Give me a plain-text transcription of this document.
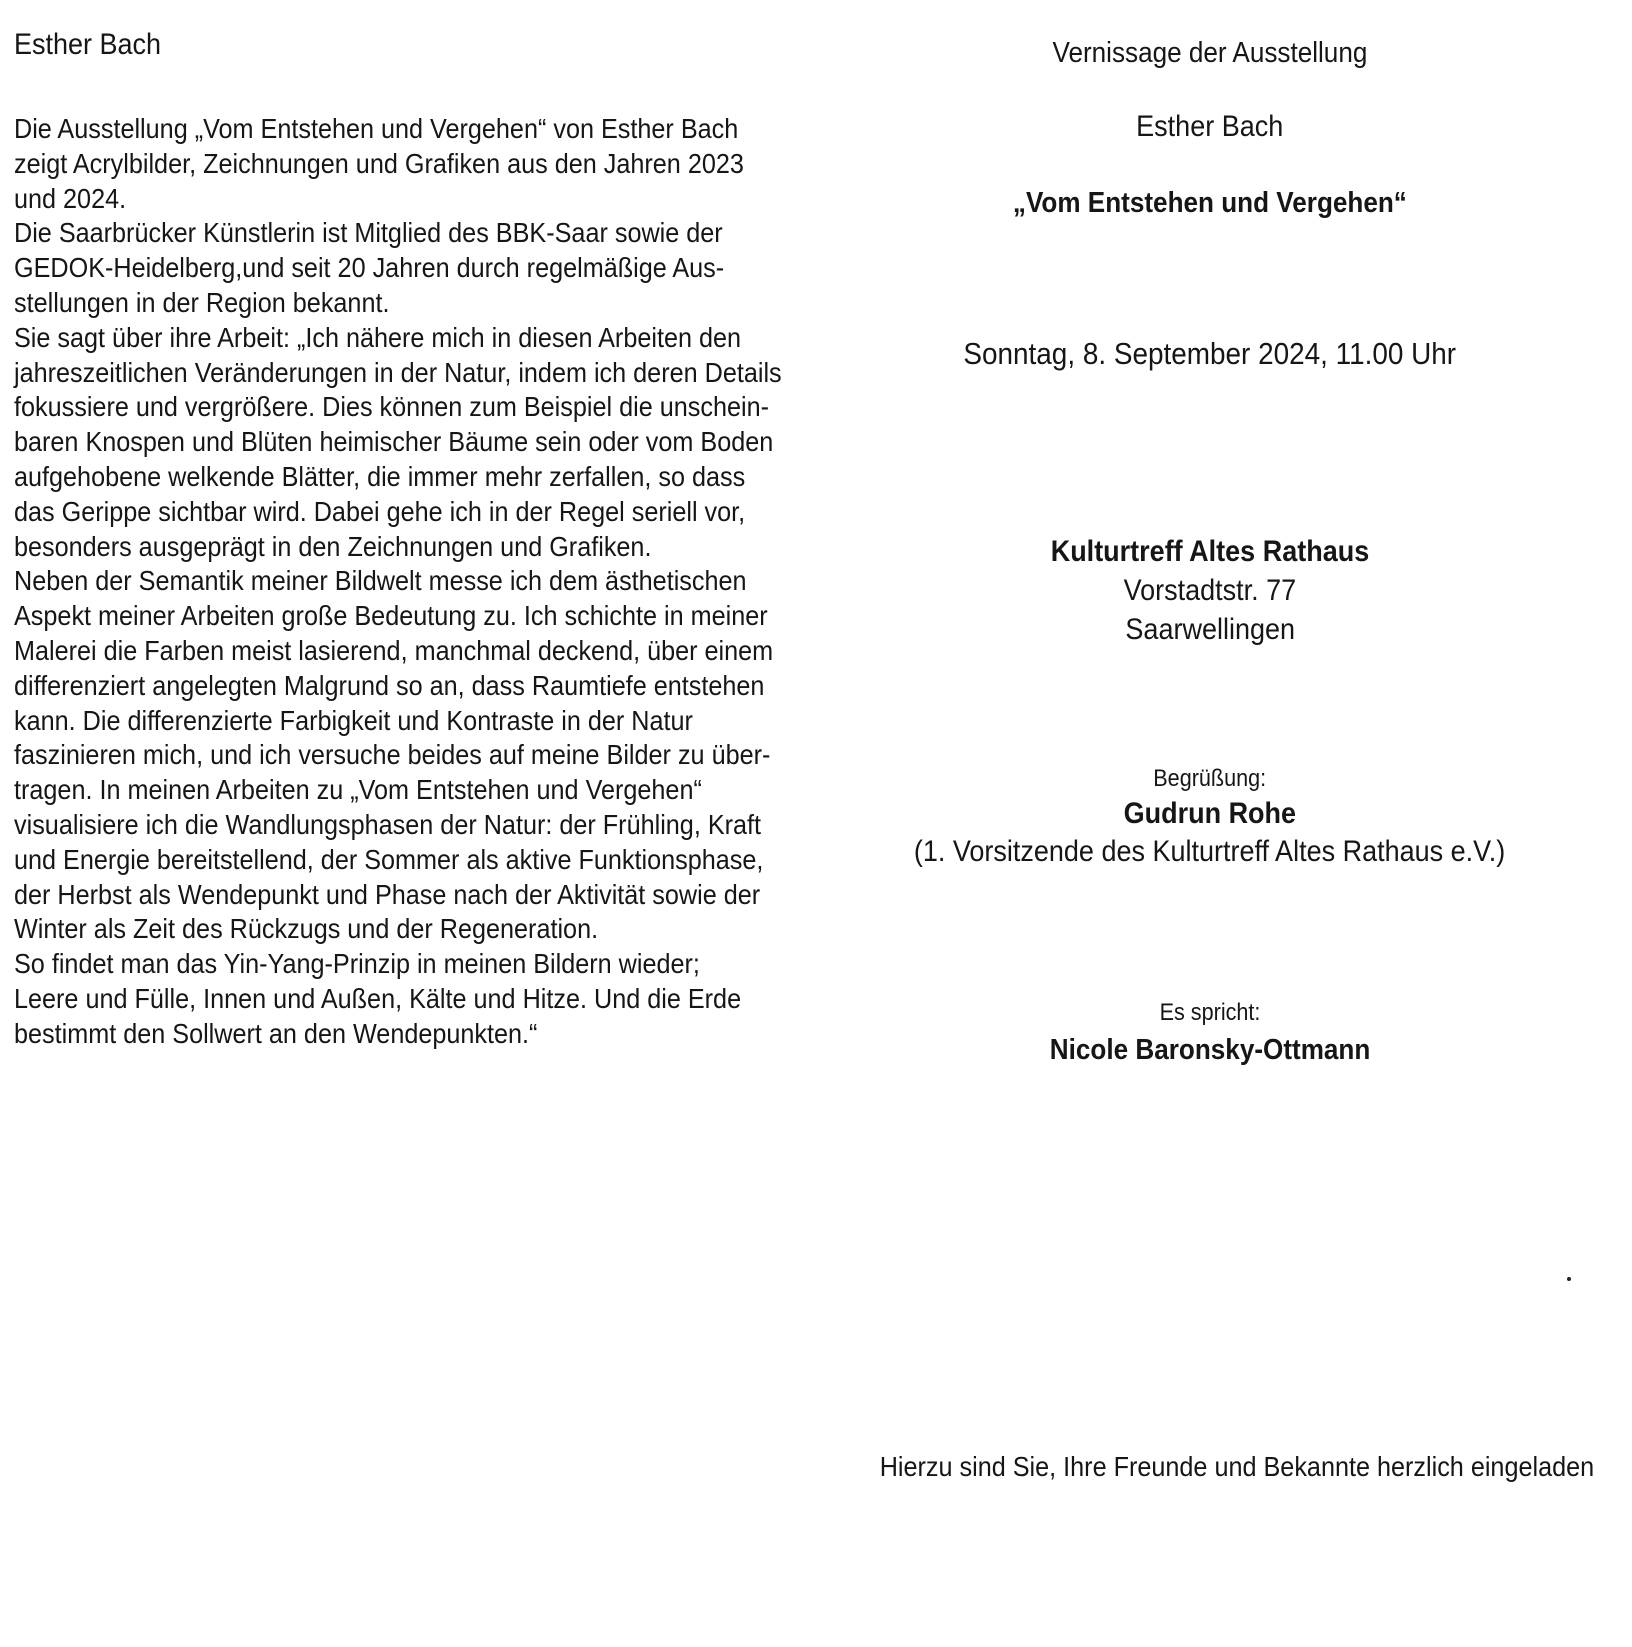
Esther Bach
Die Ausstellung „Vom Entstehen und Vergehen“ von Esther Bach
zeigt Acrylbilder, Zeichnungen und Grafiken aus den Jahren 2023
und 2024.
Die Saarbrücker Künstlerin ist Mitglied des BBK-Saar sowie der
GEDOK-Heidelberg,und seit 20 Jahren durch regelmäßige Aus-
stellungen in der Region bekannt.
Sie sagt über ihre Arbeit: „Ich nähere mich in diesen Arbeiten den
jahreszeitlichen Veränderungen in der Natur, indem ich deren Details
fokussiere und vergrößere. Dies können zum Beispiel die unschein-
baren Knospen und Blüten heimischer Bäume sein oder vom Boden
aufgehobene welkende Blätter, die immer mehr zerfallen, so dass
das Gerippe sichtbar wird. Dabei gehe ich in der Regel seriell vor,
besonders ausgeprägt in den Zeichnungen und Grafiken.
Neben der Semantik meiner Bildwelt messe ich dem ästhetischen
Aspekt meiner Arbeiten große Bedeutung zu. Ich schichte in meiner
Malerei die Farben meist lasierend, manchmal deckend, über einem
differenziert angelegten Malgrund so an, dass Raumtiefe entstehen
kann. Die differenzierte Farbigkeit und Kontraste in der Natur
faszinieren mich, und ich versuche beides auf meine Bilder zu über-
tragen. In meinen Arbeiten zu „Vom Entstehen und Vergehen“
visualisiere ich die Wandlungsphasen der Natur: der Frühling, Kraft
und Energie bereitstellend, der Sommer als aktive Funktionsphase,
der Herbst als Wendepunkt und Phase nach der Aktivität sowie der
Winter als Zeit des Rückzugs und der Regeneration.
So findet man das Yin-Yang-Prinzip in meinen Bildern wieder;
Leere und Fülle, Innen und Außen, Kälte und Hitze. Und die Erde
bestimmt den Sollwert an den Wendepunkten.“
Vernissage der Ausstellung
Esther Bach
„Vom Entstehen und Vergehen“
Sonntag, 8. September 2024, 11.00 Uhr
Kulturtreff Altes Rathaus
Vorstadtstr. 77
Saarwellingen
Begrüßung:
Gudrun Rohe
(1. Vorsitzende des Kulturtreff Altes Rathaus e.V.)
Es spricht:
Nicole Baronsky-Ottmann
Hierzu sind Sie, Ihre Freunde und Bekannte herzlich eingeladen
